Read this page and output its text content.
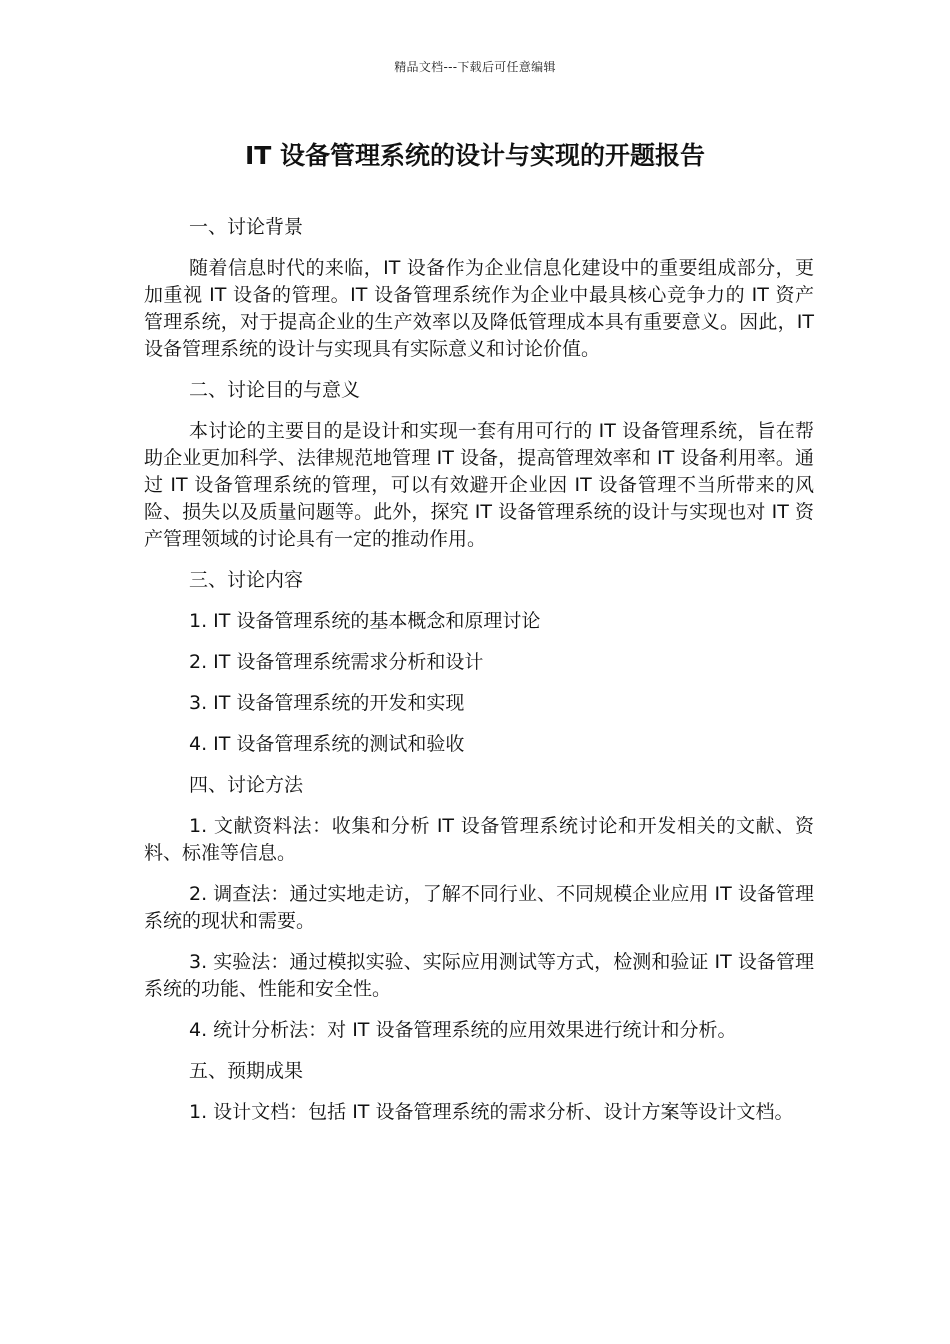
精品文档---下载后可任意编辑
IT 设备管理系统的设计与实现的开题报告

一、讨论背景

随着信息时代的来临，IT 设备作为企业信息化建设中的重要组成部分，更加重视 IT 设备的管理。IT 设备管理系统作为企业中最具核心竞争力的 IT 资产管理系统，对于提高企业的生产效率以及降低管理成本具有重要意义。因此，IT 设备管理系统的设计与实现具有实际意义和讨论价值。

二、讨论目的与意义

本讨论的主要目的是设计和实现一套有用可行的 IT 设备管理系统，旨在帮助企业更加科学、法律规范地管理 IT 设备，提高管理效率和 IT 设备利用率。通过 IT 设备管理系统的管理，可以有效避开企业因 IT 设备管理不当所带来的风险、损失以及质量问题等。此外，探究 IT 设备管理系统的设计与实现也对 IT 资产管理领域的讨论具有一定的推动作用。

三、讨论内容

1. IT 设备管理系统的基本概念和原理讨论

2. IT 设备管理系统需求分析和设计

3. IT 设备管理系统的开发和实现

4. IT 设备管理系统的测试和验收

四、讨论方法

1. 文献资料法：收集和分析 IT 设备管理系统讨论和开发相关的文献、资料、标准等信息。

2. 调查法：通过实地走访，了解不同行业、不同规模企业应用 IT 设备管理系统的现状和需要。

3. 实验法：通过模拟实验、实际应用测试等方式，检测和验证 IT 设备管理系统的功能、性能和安全性。

4. 统计分析法：对 IT 设备管理系统的应用效果进行统计和分析。

五、预期成果

1. 设计文档：包括 IT 设备管理系统的需求分析、设计方案等设计文档。
